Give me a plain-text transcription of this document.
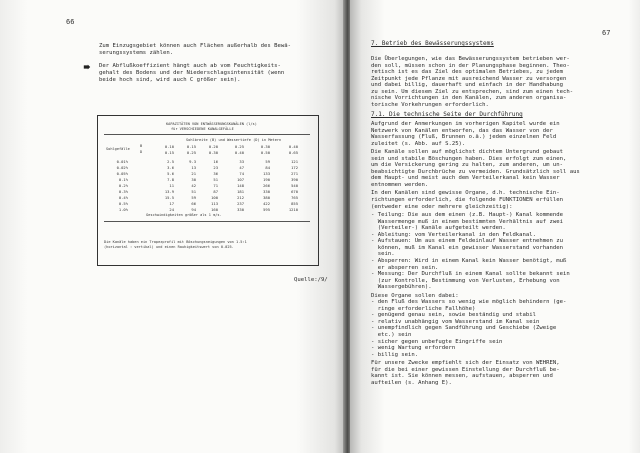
66
Zum Einzugsgebiet können auch Flächen außerhalb des Bewä-
serungssystems zählen.
Der Abflußkoeffizient hängt auch ab vom Feuchtigkeits-
gehalt des Bodens und der Niederschlagsintensität (wenn
beide hoch sind, wird auch C größer sein).
KAPAZITÄTEN VON ENTWÄSSERUNGSKANÄLEN (l/s)
für VERSCHIEDENE KANALGEFÄLLE
Sohlbreite (B) und Wassertiefe (D) in Metern
Sohlgefälle
B
D
0.10	0.15	0.20	0.25	0.30	0.40
0.15	0.25	0.30	0.40	0.50	0.65
0.01%	2.5	9.3	16	33	59	121
0.02%	3.6	13	23	47	84	172
0.05%	5.6	21	36	74	133	271
0.1%	7.8	30	51	107	190	390
0.2%	11	42	71	148	266	540
0.3%	13.9	51	87	181	330	670
0.4%	15.5	59	100	212	380	765
0.5%	17	66	113	237	422	855
1.0%	24	94	160	330	595	1210
Geschwindigkeiten größer als 1 m/s.
Die Kanäle haben ein Trapezprofil mit Böschungsneigungen von 1.5:1
(horizontal : vertikal) und einen Rauhigkeitswert von 0.025.
Quelle:/9/
67
7. Betrieb des Bewässerungssystems
Die Überlegungen, wie das Bewässerungssystem betrieben wer-
den soll, müssen schon in der Planungsphase beginnen. Theo-
retisch ist es das Ziel des optimalen Betriebes, zu jedem
Zeitpunkt jede Pflanze mit ausreichend Wasser zu versorgen
und dabei billig, dauerhaft und einfach in der Handhabung
zu sein. Um diesem Ziel zu entsprechen, sind zum einen tech-
nische Vorrichtungen in den Kanälen, zum anderen organisa-
torische Vorkehrungen erforderlich.
7.1. Die technische Seite der Durchführung
Aufgrund der Anmerkungen im vorherigen Kapitel wurde ein
Netzwerk von Kanälen entworfen, das das Wasser von der
Wasserfassung (Fluß, Brunnen o.ä.) jedem einzelnen Feld
zuleitet (s. Abb. auf S.25).
Die Kanäle sollen auf möglichst dichtem Untergrund gebaut
sein und stabile Böschungen haben. Dies erfolgt zum einen,
um die Versickerung gering zu halten, zum anderen, um un-
beabsichtigte Durchbrüche zu vermeiden. Grundsätzlich soll aus
dem Haupt- und meist auch dem Verteilerkanal kein Wasser
entnommen werden.
In den Kanälen sind gewisse Organe, d.h. technische Ein-
richtungen erforderlich, die folgende FUNKTIONEN erfüllen
(entweder eine oder mehrere gleichzeitig):
- Teilung: Die aus dem einen (z.B. Haupt-) Kanal kommende
Wassermenge muß in einem bestimmten Verhältnis auf zwei
(Verteiler-) Kanäle aufgeteilt werden.
- Ableitung: vom Verteilerkanal in den Feldkanal.
- Aufstauen: Um aus einem Feldeinlauf Wasser entnehmen zu
können, muß im Kanal ein gewisser Wasserstand vorhanden
sein.
- Absperren: Wird in einem Kanal kein Wasser benötigt, muß
er absperren sein.
- Messung: Der Durchfluß in einem Kanal sollte bekannt sein
(zur Kontrolle, Bestimmung von Verlusten, Erhebung von
Wassergebühren).
Diese Organe sollen dabei:
- den Fluß des Wassers so wenig wie möglich behindern (ge-
ringe erforderliche Fallhöhe)
- genügend genau sein, sowie beständig und stabil
- relativ unabhängig vom Wasserstand im Kanal sein
- unempfindlich gegen Sandführung und Geschiebe (Zweige
etc.) sein
- sicher gegen unbefugte Eingriffe sein
- wenig Wartung erfordern
- billig sein.
Für unsere Zwecke empfiehlt sich der Einsatz von WEHREN,
für die bei einer gewissen Einstellung der Durchfluß be-
kannt ist. Sie können messen, aufstauen, absperren und
aufteilen (s. Anhang E).
